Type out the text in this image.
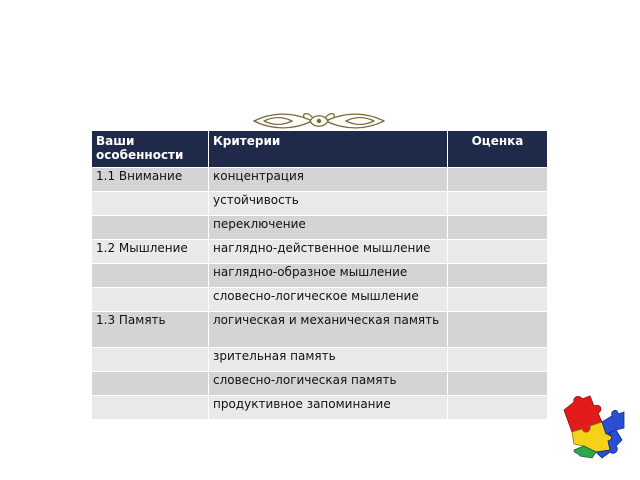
Ваши особенности	Критерии	Оценка
1.1 Внимание	концентрация	
	устойчивость	
	переключение	
1.2 Мышление	наглядно-действенное мышление	
	наглядно-образное мышление	
	словесно-логическое мышление	
1.3 Память	логическая и механическая память	
	зрительная память	
	словесно-логическая память	
	продуктивное запоминание	
